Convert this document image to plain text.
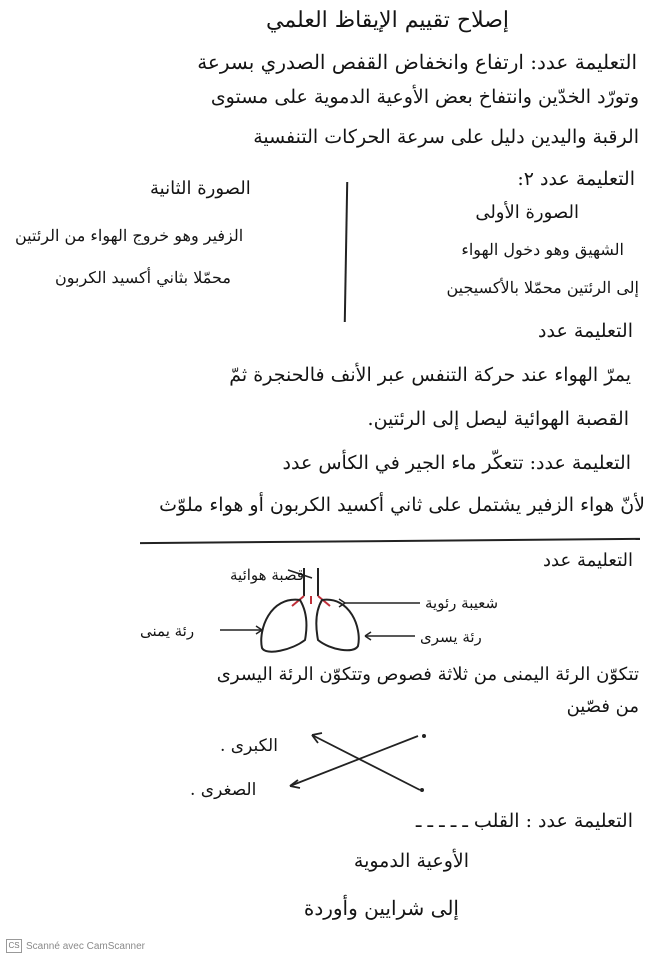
إصلاح تقييم الإيقاظ العلمي
التعليمة عدد: ارتفاع وانخفاض القفص الصدري بسرعة
وتورّد الخدّين وانتفاخ بعض الأوعية الدموية على مستوى
الرقبة واليدين دليل على سرعة الحركات التنفسية
التعليمة عدد ٢:
الصورة الأولى
الشهيق وهو دخول الهواء
إلى الرئتين محمّلا بالأكسيجين
الصورة الثانية
الزفير وهو خروج الهواء من الرئتين
محمّلا بثاني أكسيد الكربون
التعليمة عدد
يمرّ الهواء عند حركة التنفس عبر الأنف فالحنجرة ثمّ
القصبة الهوائية ليصل إلى الرئتين.
التعليمة عدد: تتعكّر ماء الجير في الكأس عدد
لأنّ هواء الزفير يشتمل على ثاني أكسيد الكربون أو هواء ملوّث
التعليمة عدد
قصبة هوائية
شعيبة رئوية
رئة يمنى	رئة يسرى
تتكوّن الرئة اليمنى من ثلاثة فصوص وتتكوّن الرئة اليسرى
من فصّين
الكبرى .
الصغرى .
التعليمة عدد : القلب ـ ـ ـ ـ ـ
الأوعية الدموية
إلى شرايين وأوردة
CS Scanné avec CamScanner
